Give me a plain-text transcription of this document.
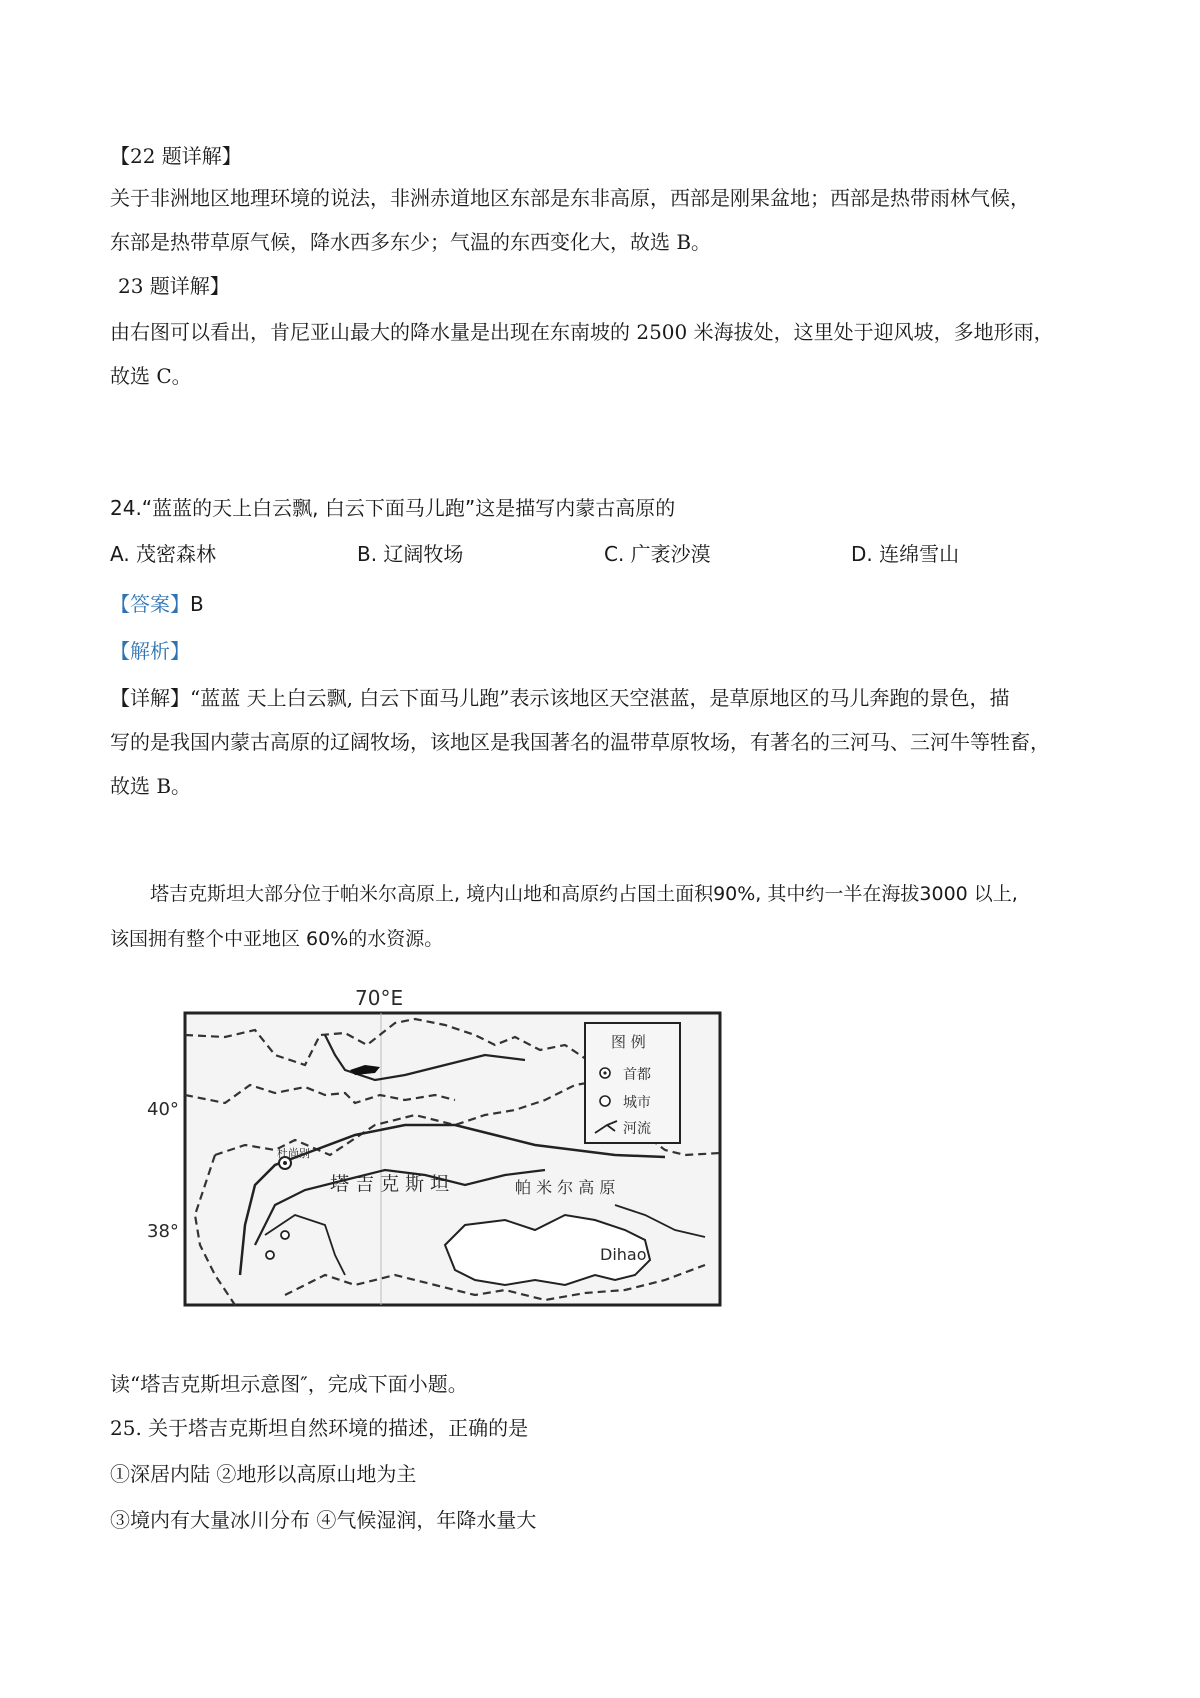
【22 题详解】
关于非洲地区地理环境的说法，非洲赤道地区东部是东非高原，西部是刚果盆地；西部是热带雨林气候，
东部是热带草原气候，降水西多东少；气温的东西变化大，故选 B。
23 题详解】
由右图可以看出，肯尼亚山最大的降水量是出现在东南坡的 2500 米海拔处，这里处于迎风坡，多地形雨，
故选 C。
24.“蓝蓝的天上白云飘, 白云下面马儿跑”这是描写内蒙古高原的
A. 茂密森林	B. 辽阔牧场	C. 广袤沙漠	D. 连绵雪山
【答案】B
【解析】
【详解】“蓝蓝 天上白云飘, 白云下面马儿跑”表示该地区天空湛蓝，是草原地区的马儿奔跑的景色，描
写的是我国内蒙古高原的辽阔牧场，该地区是我国著名的温带草原牧场，有著名的三河马、三河牛等牲畜，
故选 B。
塔吉克斯坦大部分位于帕米尔高原上, 境内山地和高原约占国土面积90%, 其中约一半在海拔3000 以上,
该国拥有整个中亚地区 60%的水资源。
70°E
40°
38°
杜尚别
塔 吉 克 斯 坦	帕 米 尔 高 原
Dihao
图 例
首都
城市
河流
读“塔吉克斯坦示意图″，完成下面小题。
25. 关于塔吉克斯坦自然环境的描述，正确的是
①深居内陆 ②地形以高原山地为主
③境内有大量冰川分布 ④气候湿润，年降水量大
